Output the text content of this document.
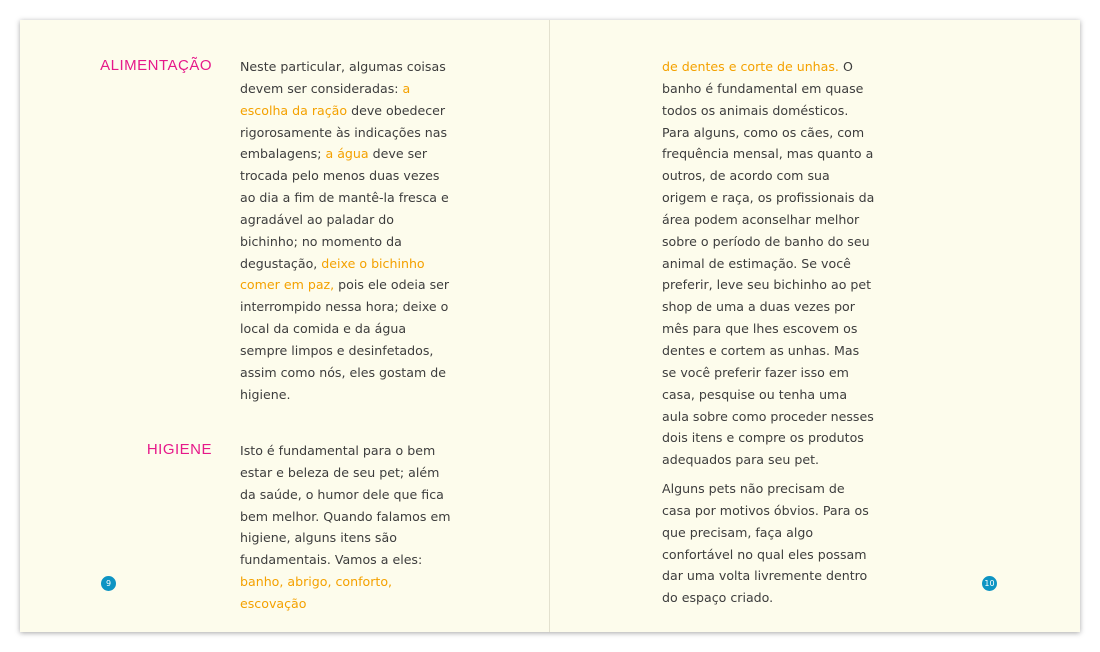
ALIMENTAÇÃO Neste particular, algumas coisas devem ser consideradas: a escolha da ração deve obedecer rigorosamente às indicações nas embalagens; a água deve ser trocada pelo menos duas vezes ao dia a fim de mantê-la fresca e agradável ao paladar do bichinho; no momento da degustação, deixe o bichinho comer em paz, pois ele odeia ser interrompido nessa hora; deixe o local da comida e da água sempre limpos e desinfetados, assim como nós, eles gostam de higiene.

HIGIENE Isto é fundamental para o bem estar e beleza de seu pet; além da saúde, o humor dele que fica bem melhor. Quando falamos em higiene, alguns itens são fundamentais. Vamos a eles: banho, abrigo, conforto, escovação

9

de dentes e corte de unhas. O banho é fundamental em quase todos os animais domésticos. Para alguns, como os cães, com frequência mensal, mas quanto a outros, de acordo com sua origem e raça, os profissionais da área podem aconselhar melhor sobre o período de banho do seu animal de estimação. Se você preferir, leve seu bichinho ao pet shop de uma a duas vezes por mês para que lhes escovem os dentes e cortem as unhas. Mas se você preferir fazer isso em casa, pesquise ou tenha uma aula sobre como proceder nesses dois itens e compre os produtos adequados para seu pet.

Alguns pets não precisam de casa por motivos óbvios. Para os que precisam, faça algo confortável no qual eles possam dar uma volta livremente dentro do espaço criado.

10
